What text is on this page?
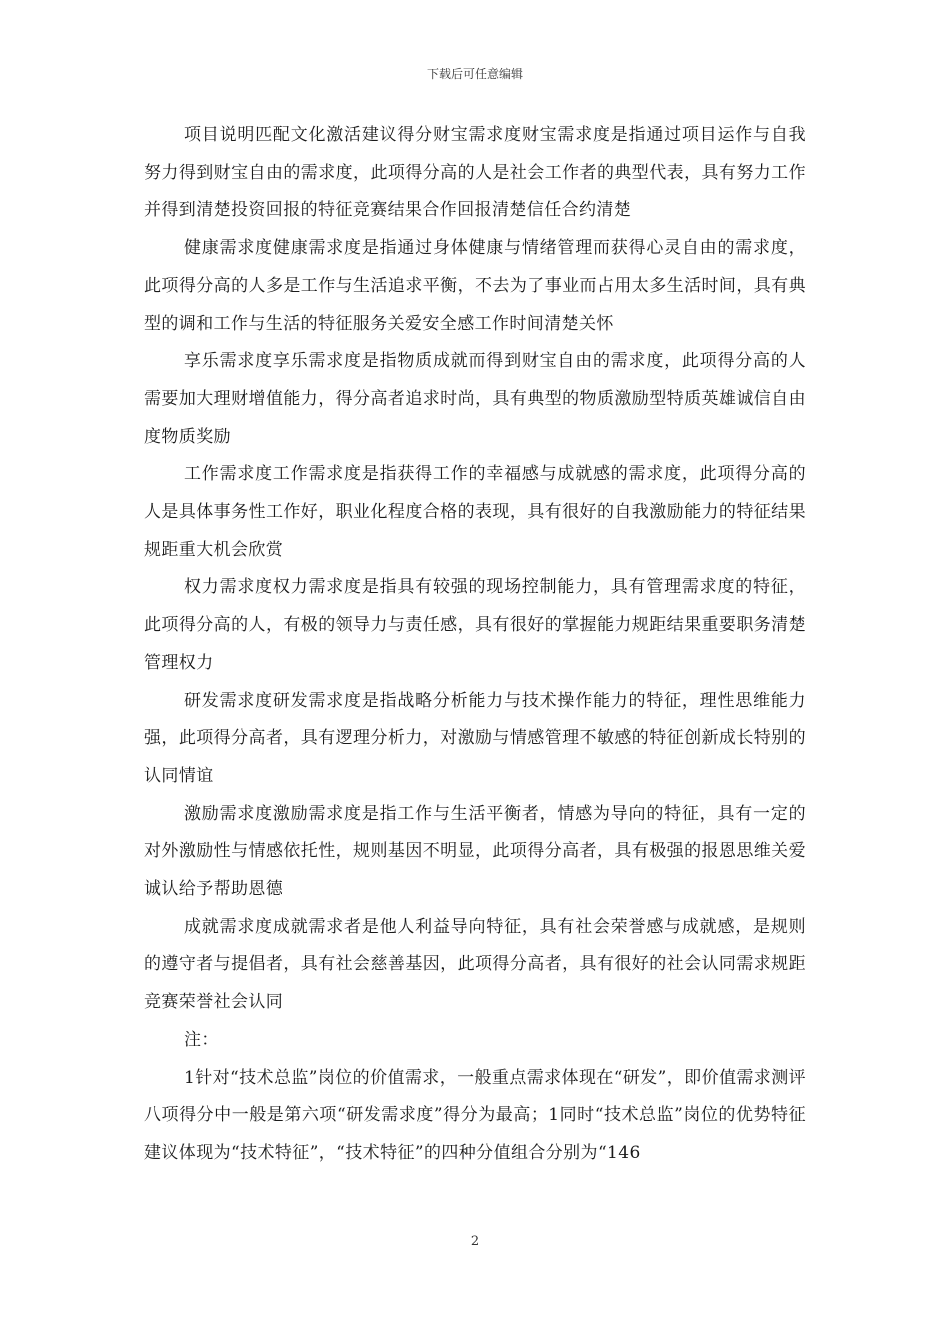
下载后可任意编辑

项目说明匹配文化激活建议得分财宝需求度财宝需求度是指通过项目运作与自我努力得到财宝自由的需求度，此项得分高的人是社会工作者的典型代表，具有努力工作并得到清楚投资回报的特征竞赛结果合作回报清楚信任合约清楚

健康需求度健康需求度是指通过身体健康与情绪管理而获得心灵自由的需求度，此项得分高的人多是工作与生活追求平衡，不去为了事业而占用太多生活时间，具有典型的调和工作与生活的特征服务关爱安全感工作时间清楚关怀

享乐需求度享乐需求度是指物质成就而得到财宝自由的需求度，此项得分高的人需要加大理财增值能力，得分高者追求时尚，具有典型的物质激励型特质英雄诚信自由度物质奖励

工作需求度工作需求度是指获得工作的幸福感与成就感的需求度，此项得分高的人是具体事务性工作好，职业化程度合格的表现，具有很好的自我激励能力的特征结果规距重大机会欣赏

权力需求度权力需求度是指具有较强的现场控制能力，具有管理需求度的特征，此项得分高的人，有极的领导力与责任感，具有很好的掌握能力规距结果重要职务清楚管理权力

研发需求度研发需求度是指战略分析能力与技术操作能力的特征，理性思维能力强，此项得分高者，具有逻理分析力，对激励与情感管理不敏感的特征创新成长特别的认同情谊

激励需求度激励需求度是指工作与生活平衡者，情感为导向的特征，具有一定的对外激励性与情感依托性，规则基因不明显，此项得分高者，具有极强的报恩思维关爱诚认给予帮助恩德

成就需求度成就需求者是他人利益导向特征，具有社会荣誉感与成就感，是规则的遵守者与提倡者，具有社会慈善基因，此项得分高者，具有很好的社会认同需求规距竞赛荣誉社会认同

注：

1针对“技术总监”岗位的价值需求，一般重点需求体现在“研发”，即价值需求测评八项得分中一般是第六项“研发需求度”得分为最高；1同时“技术总监”岗位的优势特征建议体现为“技术特征”，“技术特征”的四种分值组合分别为“146

2
